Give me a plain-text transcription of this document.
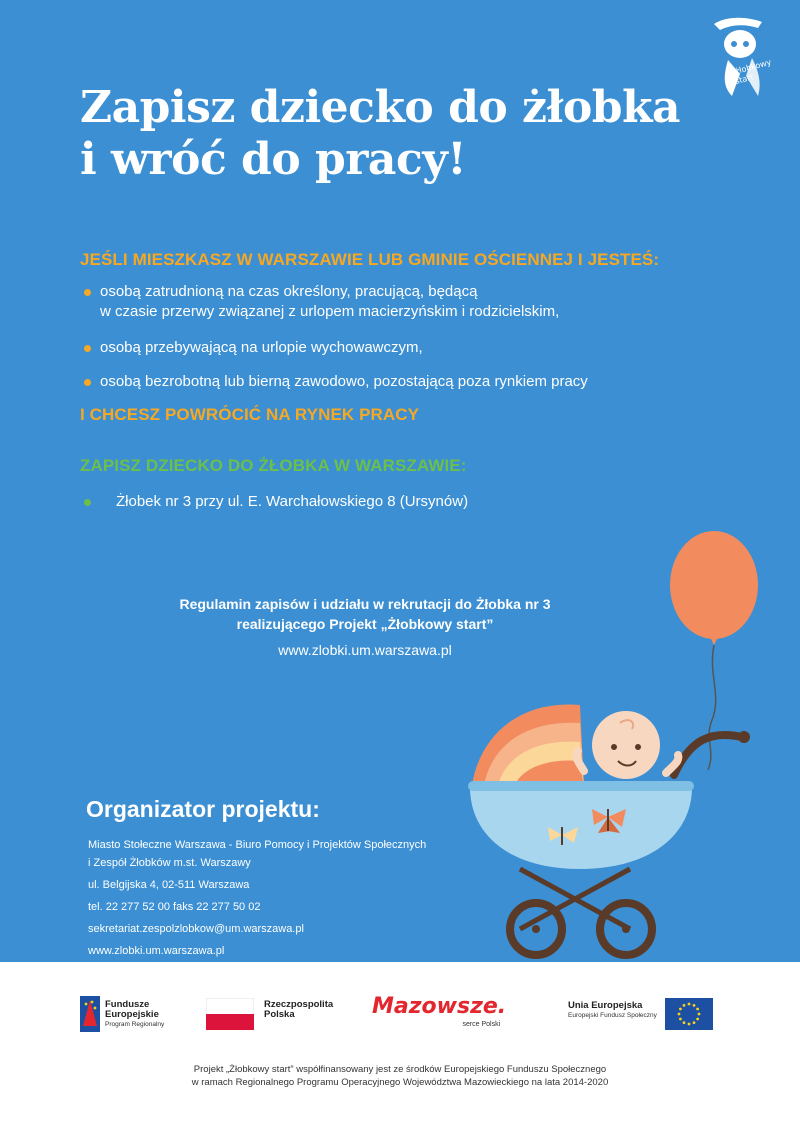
żłobkowy
start
Zapisz dziecko do żłobka
i wróć do pracy!
JEŚLI MIESZKASZ W WARSZAWIE LUB GMINIE OŚCIENNEJ I JESTEŚ:
osobą zatrudnioną na czas określony, pracującą, będącą
w czasie przerwy związanej z urlopem macierzyńskim i rodzicielskim,
osobą przebywającą na urlopie wychowawczym,
osobą bezrobotną lub bierną zawodowo, pozostającą poza rynkiem pracy
I CHCESZ POWRÓCIĆ NA RYNEK PRACY
ZAPISZ DZIECKO DO ŻŁOBKA W WARSZAWIE:
Żłobek nr 3 przy ul. E. Warchałowskiego 8 (Ursynów)
Regulamin zapisów i udziału w rekrutacji do Żłobka nr 3
realizującego Projekt „Żłobkowy start”
www.zlobki.um.warszawa.pl
Organizator projektu:
Miasto Stołeczne Warszawa - Biuro Pomocy i Projektów Społecznych
i Zespół Żłobków m.st. Warszawy
ul. Belgijska 4, 02-511 Warszawa
tel. 22 277 52 00 faks 22 277 50 02
sekretariat.zespolzlobkow@um.warszawa.pl
www.zlobki.um.warszawa.pl
Fundusze
Europejskie
Program Regionalny
Rzeczpospolita
Polska	Mazowsze.
serce Polski
Unia Europejska
Europejski Fundusz Społeczny
Projekt „Żłobkowy start” współfinansowany jest ze środków Europejskiego Funduszu Społecznego
w ramach Regionalnego Programu Operacyjnego Województwa Mazowieckiego na lata 2014-2020
